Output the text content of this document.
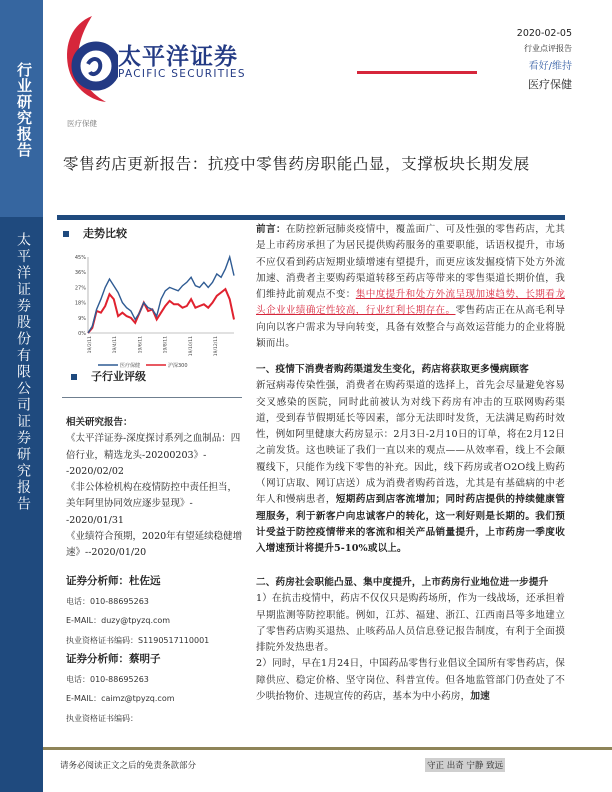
行业研究报告
太平洋证券股份有限公司证券研究报告
太平洋证券
PACIFIC SECURITIES
2020-02-05
行业点评报告
看好/维持
医疗保健
医疗保健
零售药店更新报告：抗疫中零售药房职能凸显，支撑板块长期发展
走势比较
0%
9%
18%
27%
36%
45%
19/2/11	19/4/11	19/6/11	19/8/11	19/10/11	19/12/11
医疗保健	沪深300
子行业评级
相关研究报告：
《太平洋证券-深度探讨系列之血制品：四倍行业，精选龙头-20200203》--2020/02/02
《非公体检机构在疫情防控中责任担当，美年阿里协同效应逐步显现》--2020/01/31
《业绩符合预期，2020年有望延续稳健增速》--2020/01/20
证券分析师：杜佐远
电话：010-88695263
E-MAIL：duzy@tpyzq.com
执业资格证书编码：S1190517110001
证券分析师：蔡明子
电话：010-88695263
E-MAIL：caimz@tpyzq.com
执业资格证书编码：
前言：在防控新冠肺炎疫情中，覆盖面广、可及性强的零售药店，尤其是上市药房承担了为居民提供购药服务的重要职能，话语权提升，市场不应仅看到药店短期业绩增速有望提升，而更应该发掘疫情下处方外流加速、消费者主要购药渠道转移至药店等带来的零售渠道长期价值，我们维持此前观点不变：集中度提升和处方外流呈现加速趋势，长期看龙头企业业绩确定性较高，行业红利长期存在。零售药店正在从高毛利导向向以客户需求为导向转变，具备有效整合与高效运营能力的企业将脱颖而出。
一、疫情下消费者购药渠道发生变化，药店将获取更多慢病顾客
新冠病毒传染性强，消费者在购药渠道的选择上，首先会尽量避免容易交叉感染的医院，同时此前被认为对线下药房有冲击的互联网购药渠道，受到春节假期延长等因素，部分无法即时发货，无法满足购药时效性，例如阿里健康大药房显示：2月3日-2月10日的订单，将在2月12日之前发货。这也映证了我们一直以来的观点——从效率看，线上不会颠覆线下，只能作为线下零售的补充。因此，线下药房或者O2O线上购药（网订店取、网订店送）成为消费者购药首选，尤其是有基础病的中老年人和慢病患者，短期药店到店客流增加；同时药店提供的持续健康管理服务，利于新客户向忠诚客户的转化，这一利好则是长期的。我们预计受益于防控疫情带来的客流和相关产品销量提升，上市药房一季度收入增速预计将提升5-10%或以上。
二、药房社会职能凸显、集中度提升，上市药房行业地位进一步提升
1）在抗击疫情中，药店不仅仅只是购药场所，作为一线战场，还承担着早期监测等防控职能。例如，江苏、福建、浙江、江西南昌等多地建立了零售药店购买退热、止咳药品人员信息登记报告制度，有利于全面摸排院外发热患者。
2）同时，早在1月24日，中国药品零售行业倡议全国所有零售药店，保障供应、稳定价格、坚守岗位、科普宣传。但各地监管部门仍查处了不少哄抬物价、违规宣传的药店，基本为中小药房，加速
请务必阅读正文之后的免责条款部分	守正 出奇 宁静 致远
